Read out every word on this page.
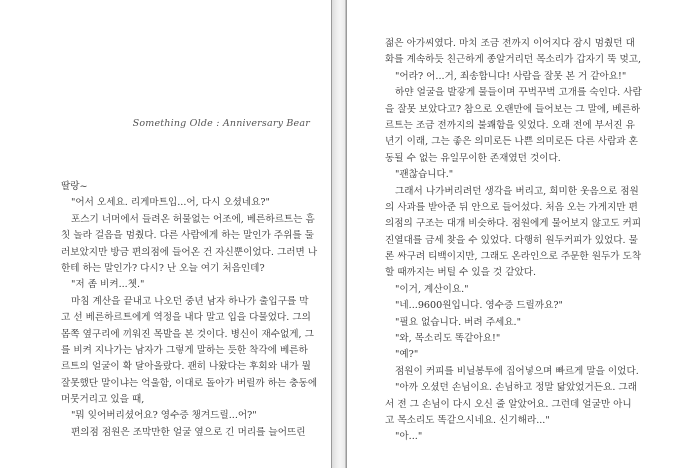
Something Olde : Anniversary Bear
딸랑~
"어서 오세요. 리게마트입...어, 다시 오셨네요?"
포스기 너머에서 들려온 허물없는 어조에, 베른하르트는 흠
칫 놀라 걸음을 멈췄다. 다른 사람에게 하는 말인가 주위를 둘
러보았지만 방금 편의점에 들어온 건 자신뿐이었다. 그러면 나
한테 하는 말인가? 다시? 난 오늘 여기 처음인데?
"저 좀 비켜...쳇."
마침 계산을 끝내고 나오던 중년 남자 하나가 출입구를 막
고 선 베른하르트에게 역정을 내다 말고 입을 다물었다. 그의
몸쪽 옆구리에 끼워진 목발을 본 것이다. 병신이 재수없게, 그
를 비켜 지나가는 남자가 그렇게 말하는 듯한 착각에 베른하
르트의 얼굴이 확 달아올랐다. 괜히 나왔다는 후회와 내가 뭘
잘못했단 말이냐는 억울함, 이대로 돌아가 버릴까 하는 충동에
머뭇거리고 있을 때,
"뭐 잊어버리셨어요? 영수증 챙겨드릴...어?"
편의점 점원은 조막만한 얼굴 옆으로 긴 머리를 늘어뜨린
젊은 아가씨였다. 마치 조금 전까지 이어지다 잠시 멈췄던 대
화를 계속하듯 친근하게 종알거리던 목소리가 갑자기 뚝 멎고,
"어라? 어...거, 죄송합니다! 사람을 잘못 본 거 같아요!"
하얀 얼굴을 발갛게 물들이며 꾸벅꾸벅 고개를 숙인다. 사람
을 잘못 보았다고? 참으로 오랜만에 들어보는 그 말에, 베른하
르트는 조금 전까지의 불쾌함을 잊었다. 오래 전에 부서진 유
년기 이래, 그는 좋은 의미로든 나쁜 의미로든 다른 사람과 혼
동될 수 없는 유일무이한 존재였던 것이다.
"괜찮습니다."
그래서 나가버리려던 생각을 버리고, 희미한 웃음으로 점원
의 사과를 받아준 뒤 안으로 들어섰다. 처음 오는 가게지만 편
의점의 구조는 대개 비슷하다. 점원에게 물어보지 않고도 커피
진열대를 금세 찾을 수 있었다. 다행히 원두커피가 있었다. 물
론 싸구려 티백이지만, 그래도 온라인으로 주문한 원두가 도착
할 때까지는 버틸 수 있을 것 같았다.
"이거, 계산이요."
"네...9600원입니다. 영수증 드릴까요?"
"필요 없습니다. 버려 주세요."
"와, 목소리도 똑같아요!"
"예?"
점원이 커피를 비닐봉투에 집어넣으며 빠르게 말을 이었다.
"아까 오셨던 손님이요. 손님하고 정말 닮았었거든요. 그래
서 전 그 손님이 다시 오신 줄 알았어요. 그런데 얼굴만 아니
고 목소리도 똑같으시네요. 신기해라..."
"아..."
